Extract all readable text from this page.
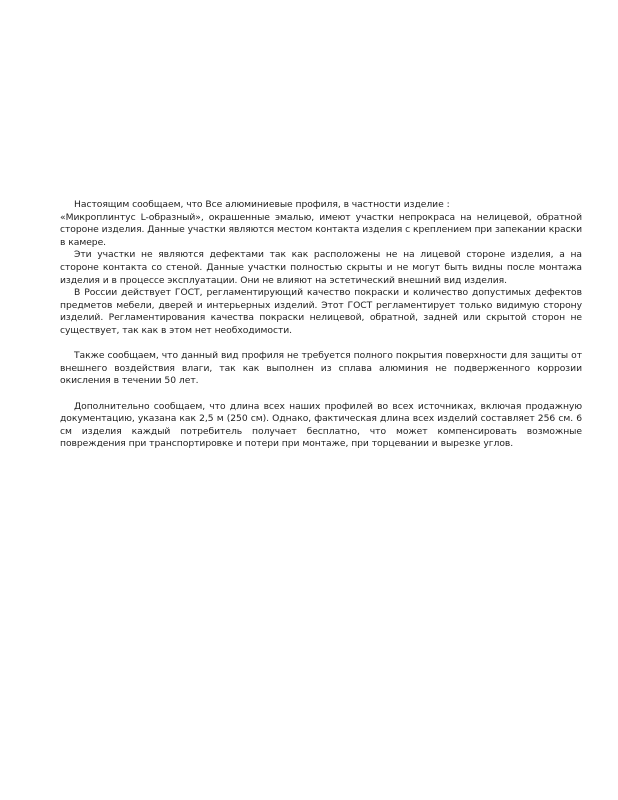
Настоящим сообщаем, что Все алюминиевые профиля, в частности изделие :

«Микроплинтус L-образный», окрашенные эмалью, имеют участки непрокраса на нелицевой, обратной стороне изделия. Данные участки являются местом контакта изделия с креплением при запекании краски в камере.

Эти участки не являются дефектами так как расположены не на лицевой стороне изделия, а на стороне контакта со стеной. Данные участки полностью скрыты и не могут быть видны после монтажа изделия и в процессе эксплуатации. Они не влияют на эстетический внешний вид изделия.

В России действует ГОСТ, регламентирующий качество покраски и количество допустимых дефектов предметов мебели, дверей и интерьерных изделий. Этот ГОСТ регламентирует только видимую сторону изделий. Регламентирования качества покраски нелицевой, обратной, задней или скрытой сторон не существует, так как в этом нет необходимости.

Также сообщаем, что данный вид профиля не требуется полного покрытия поверхности для защиты от внешнего воздействия влаги, так как выполнен из сплава алюминия не подверженного коррозии окисления в течении 50 лет.

Дополнительно сообщаем, что длина всех наших профилей во всех источниках, включая продажную документацию, указана как 2,5 м (250 см). Однако, фактическая длина всех изделий составляет 256 см. 6 см изделия каждый потребитель получает бесплатно, что может компенсировать возможные повреждения при транспортировке и потери при монтаже, при торцевании и вырезке углов.
